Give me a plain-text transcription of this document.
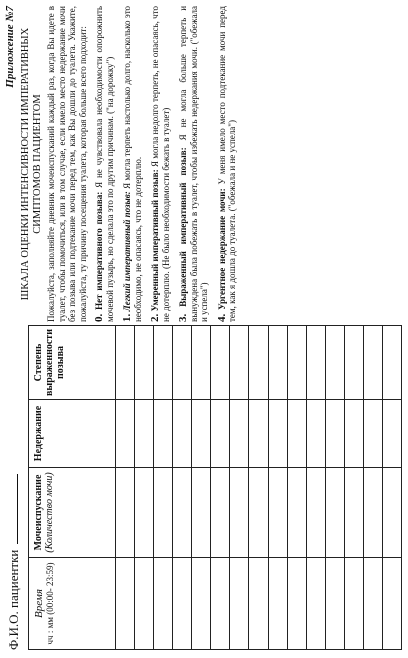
Ф.И.О. пациентки	Время чч : мм (00:00- 23:59)	Мочеиспускание (Количество мочи)	Недержание	Степень выраженности позыва

Приложение №7 ШКАЛА ОЦЕНКИ ИНТЕНСИВНОСТИ ИМПЕРАТИВНЫХ СИМПТОМОВ ПАЦИЕНТОМ Пожалуйста, заполняйте дневник мочеиспусканий каждый раз, когда Вы идете в туалет, чтобы помочиться, или в том случае, если имело место недержание мочи без позыва или подтекание мочи перед тем, как Вы дошли до туалета. Укажите, пожалуйста, ту причину посещения туалета, которая больше всего подходит: 0. Нет императивного позыва: Я не чувствовала необходимости опорожнить мочевой пузырь, но сделала это по другим причинам. ("на дорожку") 1. Легкий императивный позыв: Я могла терпеть настолько долго, насколько это необходимо, не опасаясь, что не дотерплю. 2. Умеренный императивный позыв: Я могла недолго терпеть, не опасаясь, что не дотерплю. (Не было необходимости бежать в туалет) 3. Выраженный императивный позыв: Я не могла больше терпеть и вынуждена была побежать в туалет, чтобы избежать недержания мочи. ("обежала и успела") 4. Ургентное недержание мочи: У меня имело место подтекание мочи перед тем, как я дошла до туалета. ("обежала и не успела")
